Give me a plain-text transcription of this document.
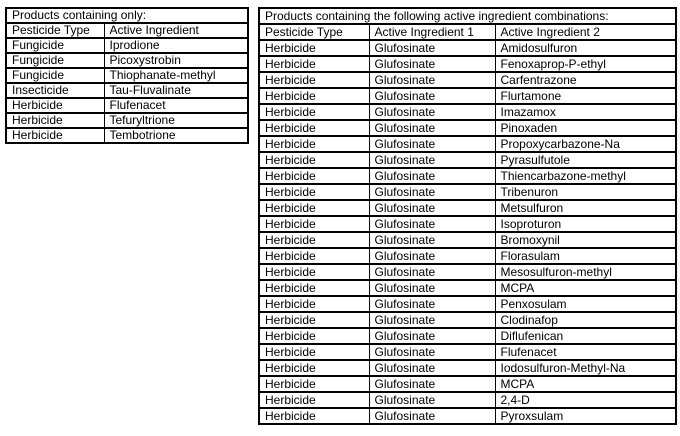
Products containing only:	
Pesticide Type	Active Ingredient
Fungicide	Iprodione
Fungicide	Picoxystrobin
Fungicide	Thiophanate-methyl
Insecticide	Tau-Fluvalinate
Herbicide	Flufenacet
Herbicide	Tefuryltrione
Herbicide	Tembotrione
Products containing the following active ingredient combinations:		
Pesticide Type	Active Ingredient 1	Active Ingredient 2
Herbicide	Glufosinate	Amidosulfuron
Herbicide	Glufosinate	Fenoxaprop-P-ethyl
Herbicide	Glufosinate	Carfentrazone
Herbicide	Glufosinate	Flurtamone
Herbicide	Glufosinate	Imazamox
Herbicide	Glufosinate	Pinoxaden
Herbicide	Glufosinate	Propoxycarbazone-Na
Herbicide	Glufosinate	Pyrasulfutole
Herbicide	Glufosinate	Thiencarbazone-methyl
Herbicide	Glufosinate	Tribenuron
Herbicide	Glufosinate	Metsulfuron
Herbicide	Glufosinate	Isoproturon
Herbicide	Glufosinate	Bromoxynil
Herbicide	Glufosinate	Florasulam
Herbicide	Glufosinate	Mesosulfuron-methyl
Herbicide	Glufosinate	MCPA
Herbicide	Glufosinate	Penxosulam
Herbicide	Glufosinate	Clodinafop
Herbicide	Glufosinate	Diflufenican
Herbicide	Glufosinate	Flufenacet
Herbicide	Glufosinate	Iodosulfuron-Methyl-Na
Herbicide	Glufosinate	MCPA
Herbicide	Glufosinate	2,4-D
Herbicide	Glufosinate	Pyroxsulam
